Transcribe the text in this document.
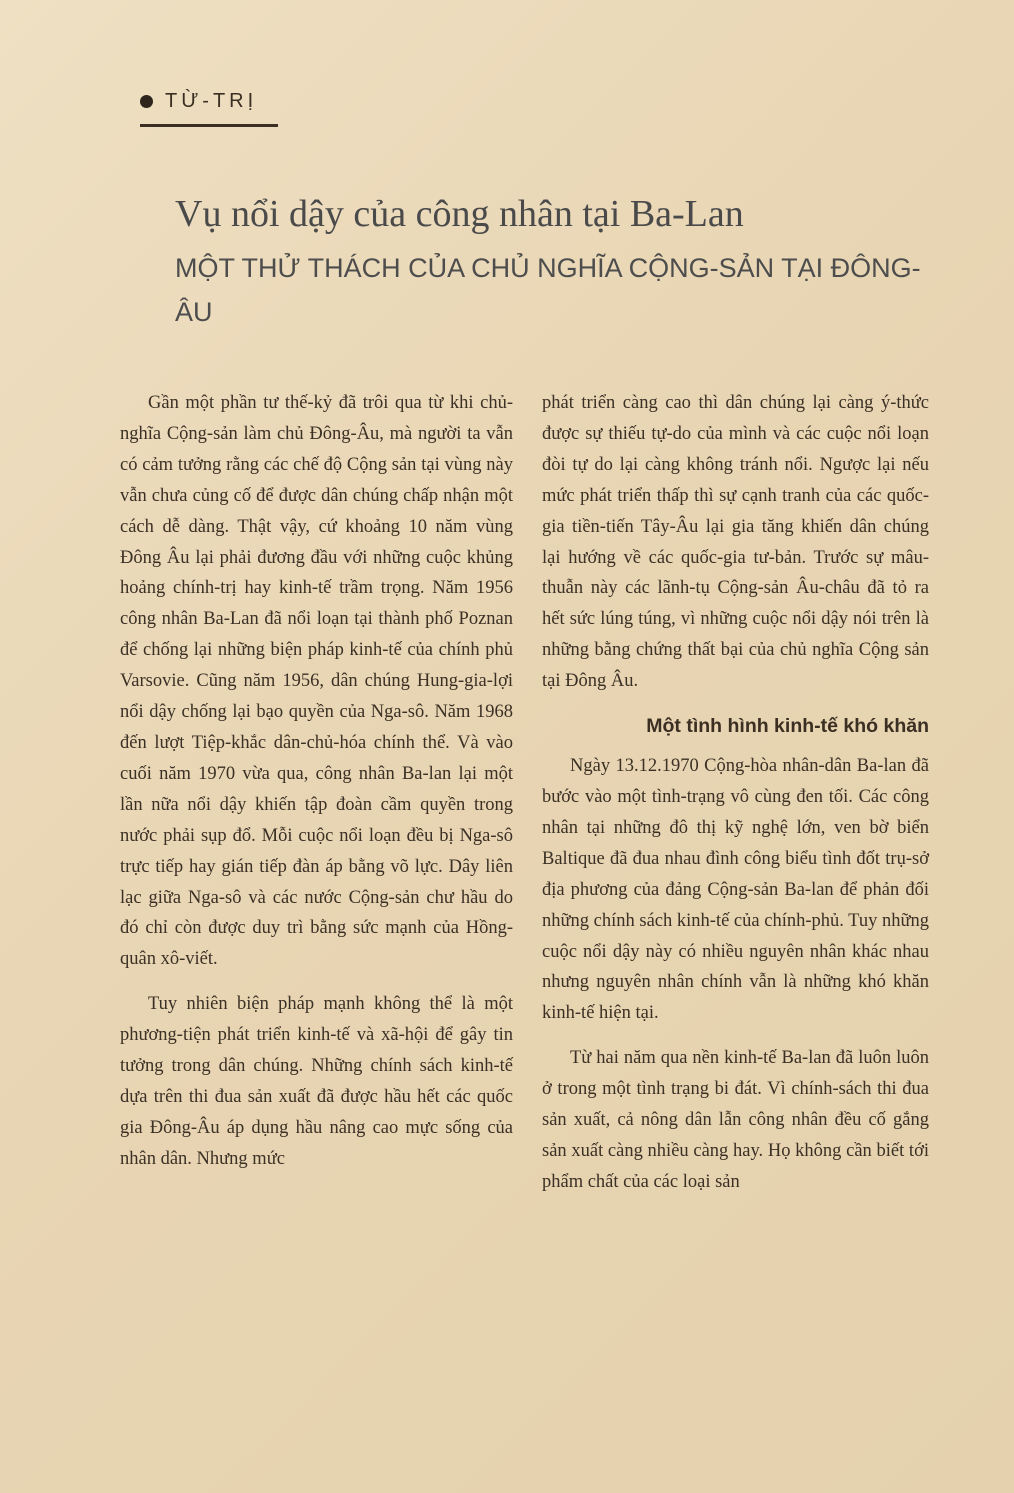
TỪ-TRỊ
Vụ nổi dậy của công nhân tại Ba-Lan

MỘT THỬ THÁCH CỦA CHỦ NGHĨA CỘNG-SẢN TẠI ĐÔNG-ÂU

Gần một phần tư thế-kỷ đã trôi qua từ khi chủ-nghĩa Cộng-sản làm chủ Đông-Âu, mà người ta vẫn có cảm tưởng rằng các chế độ Cộng sản tại vùng này vẫn chưa củng cố để được dân chúng chấp nhận một cách dễ dàng. Thật vậy, cứ khoảng 10 năm vùng Đông Âu lại phải đương đầu với những cuộc khủng hoảng chính-trị hay kinh-tế trầm trọng. Năm 1956 công nhân Ba-Lan đã nổi loạn tại thành phố Poznan để chống lại những biện pháp kinh-tế của chính phủ Varsovie. Cũng năm 1956, dân chúng Hung-gia-lợi nổi dậy chống lại bạo quyền của Nga-sô. Năm 1968 đến lượt Tiệp-khắc dân-chủ-hóa chính thể. Và vào cuối năm 1970 vừa qua, công nhân Ba-lan lại một lần nữa nổi dậy khiến tập đoàn cầm quyền trong nước phải sụp đổ. Mỗi cuộc nổi loạn đều bị Nga-sô trực tiếp hay gián tiếp đàn áp bằng võ lực. Dây liên lạc giữa Nga-sô và các nước Cộng-sản chư hầu do đó chỉ còn được duy trì bằng sức mạnh của Hồng-quân xô-viết.

Tuy nhiên biện pháp mạnh không thể là một phương-tiện phát triển kinh-tế và xã-hội để gây tin tưởng trong dân chúng. Những chính sách kinh-tế dựa trên thi đua sản xuất đã được hầu hết các quốc gia Đông-Âu áp dụng hầu nâng cao mực sống của nhân dân. Nhưng mức

phát triển càng cao thì dân chúng lại càng ý-thức được sự thiếu tự-do của mình và các cuộc nổi loạn đòi tự do lại càng không tránh nổi. Ngược lại nếu mức phát triển thấp thì sự cạnh tranh của các quốc-gia tiền-tiến Tây-Âu lại gia tăng khiến dân chúng lại hướng về các quốc-gia tư-bản. Trước sự mâu-thuẫn này các lãnh-tụ Cộng-sản Âu-châu đã tỏ ra hết sức lúng túng, vì những cuộc nổi dậy nói trên là những bằng chứng thất bại của chủ nghĩa Cộng sản tại Đông Âu.

Một tình hình kinh-tế khó khăn

Ngày 13.12.1970 Cộng-hòa nhân-dân Ba-lan đã bước vào một tình-trạng vô cùng đen tối. Các công nhân tại những đô thị kỹ nghệ lớn, ven bờ biển Baltique đã đua nhau đình công biểu tình đốt trụ-sở địa phương của đảng Cộng-sản Ba-lan để phản đối những chính sách kinh-tế của chính-phủ. Tuy những cuộc nổi dậy này có nhiều nguyên nhân khác nhau nhưng nguyên nhân chính vẫn là những khó khăn kinh-tế hiện tại.

Từ hai năm qua nền kinh-tế Ba-lan đã luôn luôn ở trong một tình trạng bi đát. Vì chính-sách thi đua sản xuất, cả nông dân lẫn công nhân đều cố gắng sản xuất càng nhiều càng hay. Họ không cần biết tới phẩm chất của các loại sản
